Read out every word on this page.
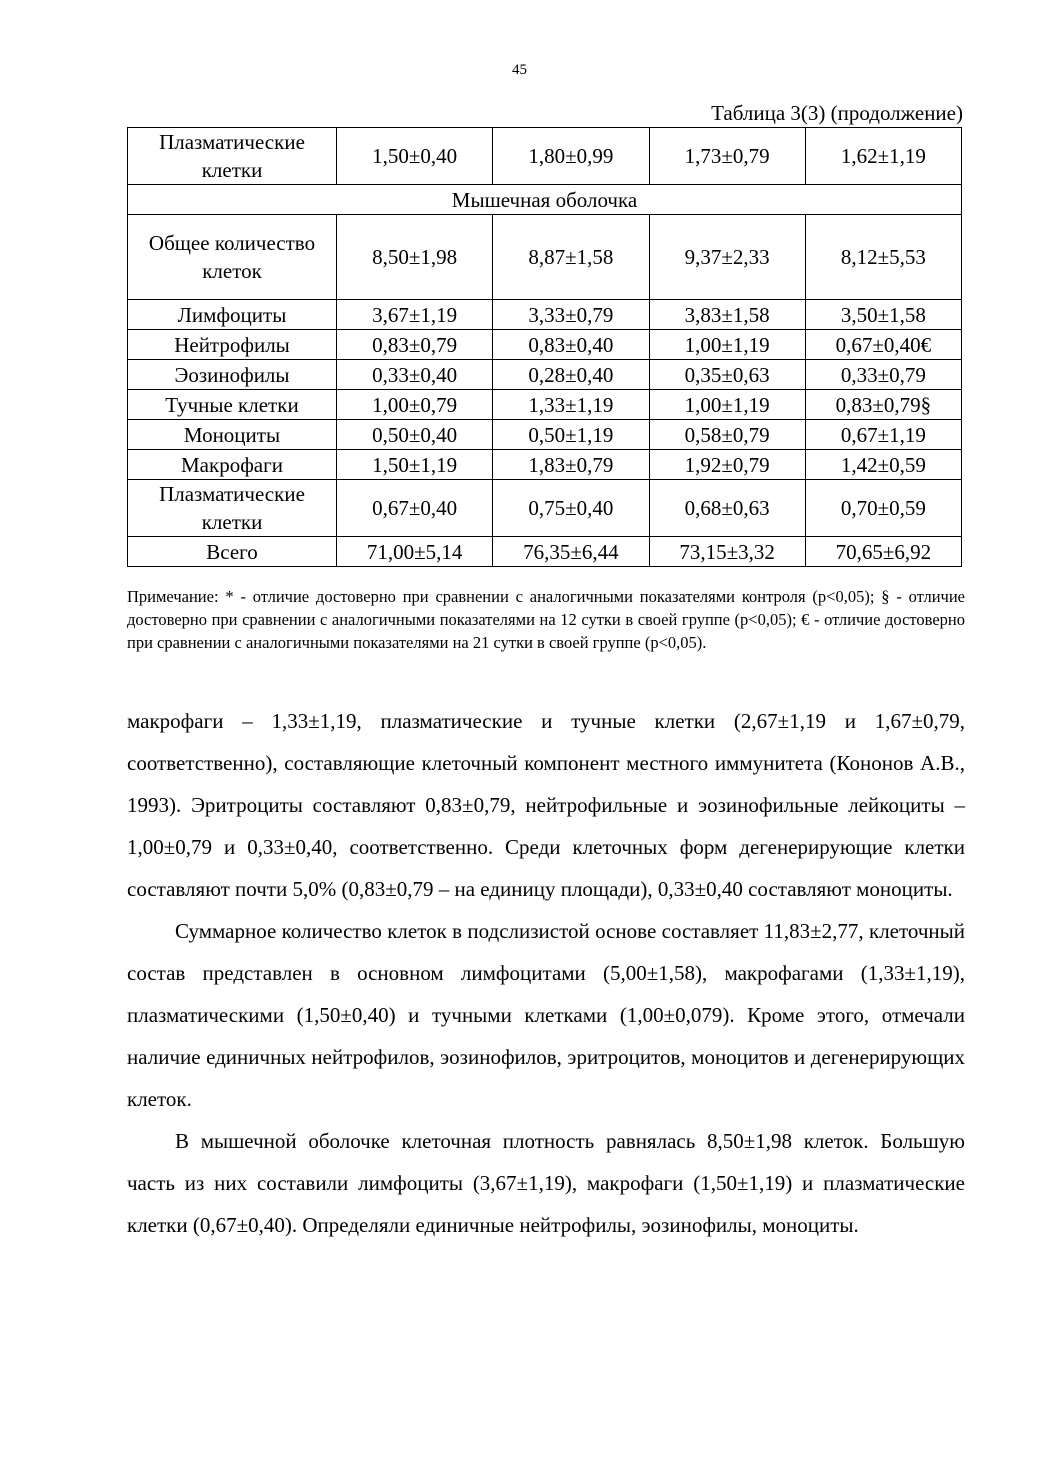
45
Таблица 3(3) (продолжение)
Плазматические клетки	1,50±0,40	1,80±0,99	1,73±0,79	1,62±1,19
Мышечная оболочка				
Общее количество клеток	8,50±1,98	8,87±1,58	9,37±2,33	8,12±5,53
Лимфоциты	3,67±1,19	3,33±0,79	3,83±1,58	3,50±1,58
Нейтрофилы	0,83±0,79	0,83±0,40	1,00±1,19	0,67±0,40€
Эозинофилы	0,33±0,40	0,28±0,40	0,35±0,63	0,33±0,79
Тучные клетки	1,00±0,79	1,33±1,19	1,00±1,19	0,83±0,79§
Моноциты	0,50±0,40	0,50±1,19	0,58±0,79	0,67±1,19
Макрофаги	1,50±1,19	1,83±0,79	1,92±0,79	1,42±0,59
Плазматические клетки	0,67±0,40	0,75±0,40	0,68±0,63	0,70±0,59
Всего	71,00±5,14	76,35±6,44	73,15±3,32	70,65±6,92
Примечание: * - отличие достоверно при сравнении с аналогичными показателями контроля (p<0,05); § - отличие достоверно при сравнении с аналогичными показателями на 12 сутки в своей группе (p<0,05); € - отличие достоверно при сравнении с аналогичными показателями на 21 сутки в своей группе (p<0,05).

макрофаги – 1,33±1,19, плазматические и тучные клетки (2,67±1,19 и 1,67±0,79, соответственно), составляющие клеточный компонент местного иммунитета (Кононов А.В., 1993). Эритроциты составляют 0,83±0,79, нейтрофильные и эозинофильные лейкоциты – 1,00±0,79 и 0,33±0,40, соответственно. Среди клеточных форм дегенерирующие клетки составляют почти 5,0% (0,83±0,79 – на единицу площади), 0,33±0,40 составляют моноциты.

Суммарное количество клеток в подслизистой основе составляет 11,83±2,77, клеточный состав представлен в основном лимфоцитами (5,00±1,58), макрофагами (1,33±1,19), плазматическими (1,50±0,40) и тучными клетками (1,00±0,079). Кроме этого, отмечали наличие единичных нейтрофилов, эозинофилов, эритроцитов, моноцитов и дегенерирующих клеток.

В мышечной оболочке клеточная плотность равнялась 8,50±1,98 клеток. Большую часть из них составили лимфоциты (3,67±1,19), макрофаги (1,50±1,19) и плазматические клетки (0,67±0,40). Определяли единичные нейтрофилы, эозинофилы, моноциты.
